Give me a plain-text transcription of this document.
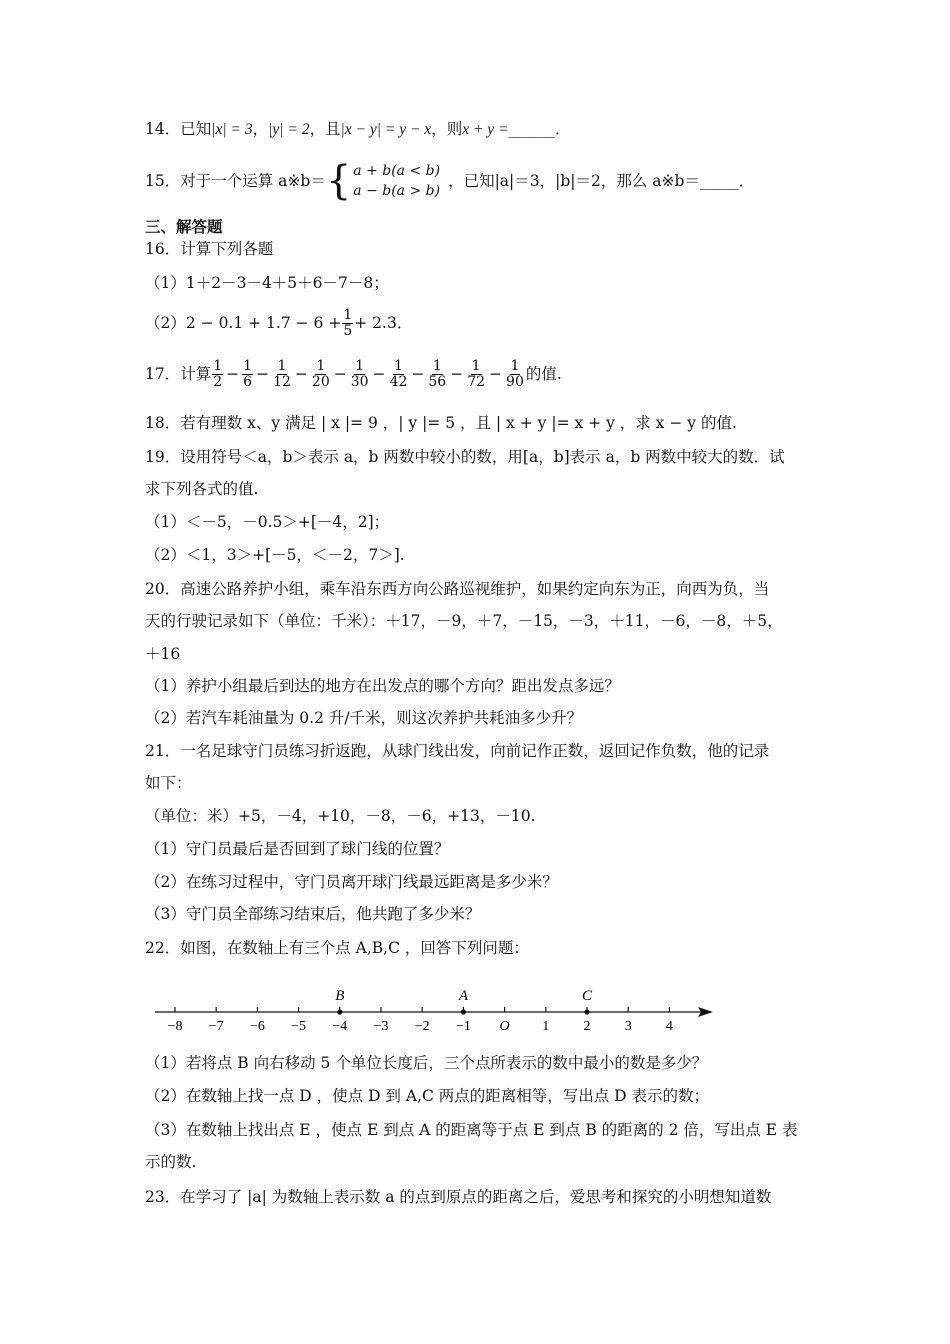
14．已知|x| = 3，|y| = 2，且|x − y| = y − x，则x + y =______．
15．对于一个运算 a※b＝ { a + b(a < b)
a − b(a > b)
，已知|a|＝3，|b|＝2，那么 a※b＝ _____ ．
三、解答题
16．计算下列各题
（1）1＋2－3－4＋5＋6－7－8；
$(2)2 - 0.1 + 1.7 - 6 + \frac{1}{5} + 2.3$．
17．计算 $\frac{1}{2} - \frac{1}{6} - \frac{1}{12} - \frac{1}{20} - \frac{1}{30} - \frac{1}{42} - \frac{1}{56} - \frac{1}{72} - \frac{1}{90}$ 的值.
18．若有理数 x、y 满足 | x |= 9 ，| y |= 5 ，且 | x + y |= x + y ，求 x − y 的值.
19．设用符号＜a，b＞表示 a，b 两数中较小的数，用[a，b]表示 a，b 两数中较大的数．试
求下列各式的值.
（1）＜－5，－0.5＞+[－4，2]；
（2）＜1，3＞+[－5，＜－2，7＞].
20．高速公路养护小组，乘车沿东西方向公路巡视维护，如果约定向东为正，向西为负，当
天的行驶记录如下（单位：千米）：＋17，－9，＋7，－15，－3，＋11，－6，－8，＋5，
＋16
（1）养护小组最后到达的地方在出发点的哪个方向？距出发点多远？
（2）若汽车耗油量为 0.2 升/千米，则这次养护共耗油多少升？
21．一名足球守门员练习折返跑，从球门线出发，向前记作正数，返回记作负数，他的记录
如下：
（单位：米）+5，－4，+10，－8，－6，+13，－10.
（1）守门员最后是否回到了球门线的位置？
（2）在练习过程中，守门员离开球门线最远距离是多少米？
（3）守门员全部练习结束后，他共跑了多少米？
22．如图，在数轴上有三个点 A,B,C ，回答下列问题：
−8 −7 −6 −5 −4 −3 −2 −1 O 1 2 3 4
B	A	C
（1）若将点 B 向右移动 5 个单位长度后，三个点所表示的数中最小的数是多少？
（2）在数轴上找一点 D ，使点 D 到 A,C 两点的距离相等，写出点 D 表示的数；
（3）在数轴上找出点 E ，使点 E 到点 A 的距离等于点 E 到点 B 的距离的 2 倍，写出点 E 表
示的数.
23．在学习了 |a| 为数轴上表示数 a 的点到原点的距离之后，爱思考和探究的小明想知道数
